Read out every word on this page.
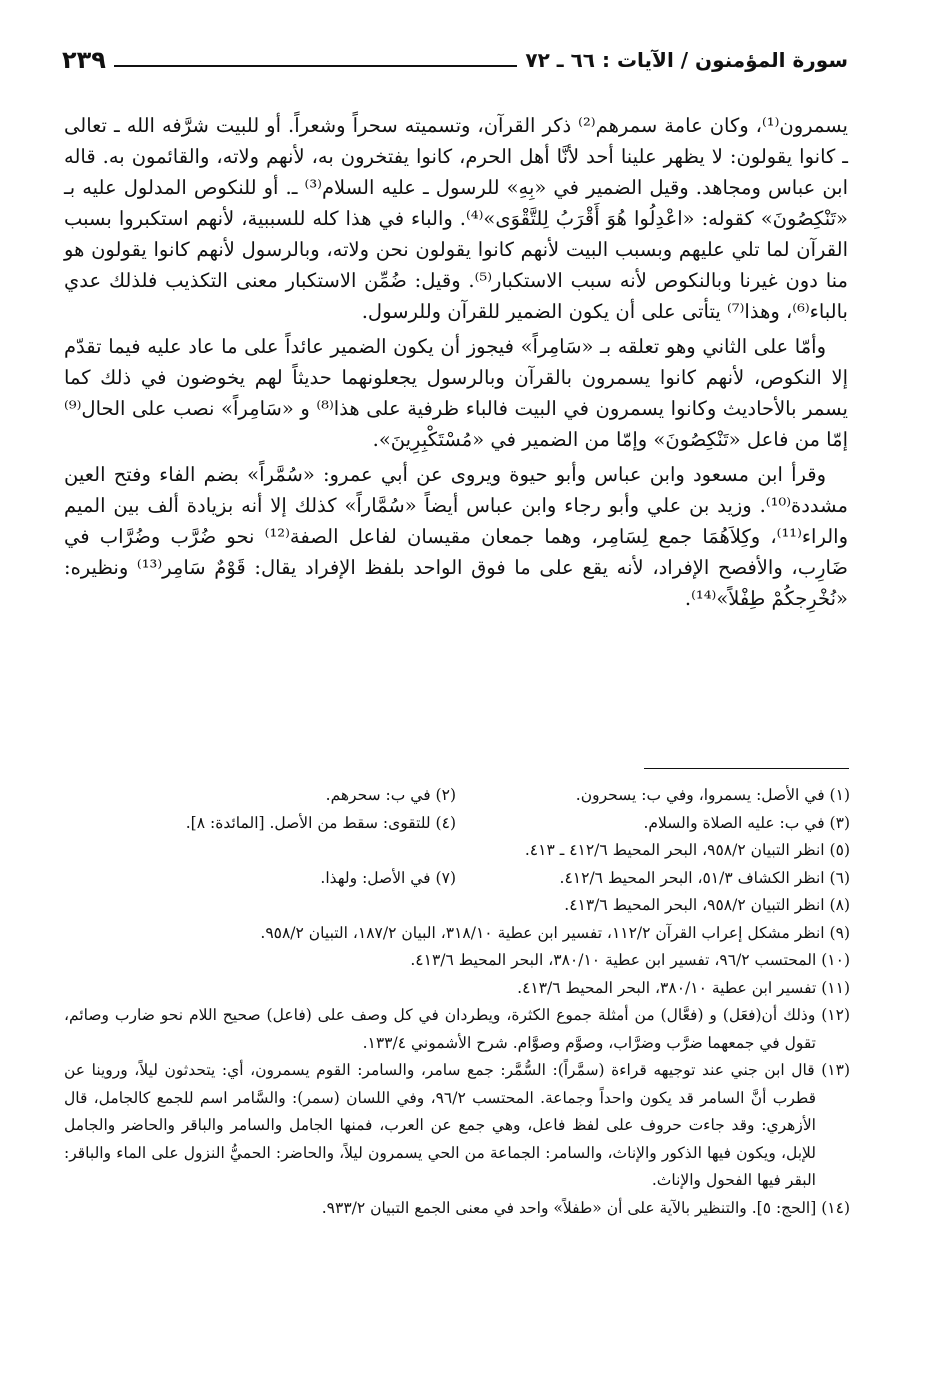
سورة المؤمنون / الآيات : ٦٦ ـ ٧٢
٢٣٩

يسمرون⁽¹⁾، وكان عامة سمرهم⁽²⁾ ذكر القرآن، وتسميته سحراً وشعراً. أو للبيت شرَّفه الله ـ تعالى ـ كانوا يقولون: لا يظهر علينا أحد لأنَّا أهل الحرم، كانوا يفتخرون به، لأنهم ولاته، والقائمون به. قاله ابن عباس ومجاهد. وقيل الضمير في «بِهِ» للرسول ـ عليه السلام⁽³⁾ ـ. أو للنكوص المدلول عليه بـ «تَنْكِصُونَ» كقوله: «اعْدِلُوا هُوَ أَقْرَبُ لِلتَّقْوَى»⁽⁴⁾. والباء في هذا كله للسببية، لأنهم استكبروا بسبب القرآن لما تلي عليهم وبسبب البيت لأنهم كانوا يقولون نحن ولاته، وبالرسول لأنهم كانوا يقولون هو منا دون غيرنا وبالنكوص لأنه سبب الاستكبار⁽⁵⁾. وقيل: ضُمِّن الاستكبار معنى التكذيب فلذلك عدي بالباء⁽⁶⁾، وهذا⁽⁷⁾ يتأتى على أن يكون الضمير للقرآن وللرسول.

وأمّا على الثاني وهو تعلقه بـ «سَامِراً» فيجوز أن يكون الضمير عائداً على ما عاد عليه فيما تقدّم إلا النكوص، لأنهم كانوا يسمرون بالقرآن وبالرسول يجعلونهما حديثاً لهم يخوضون في ذلك كما يسمر بالأحاديث وكانوا يسمرون في البيت فالباء ظرفية على هذا⁽⁸⁾ و «سَامِراً» نصب على الحال⁽⁹⁾ إمّا من فاعل «تَنْكِصُونَ» وإمّا من الضمير في «مُسْتَكْبِرِينَ».

وقرأ ابن مسعود وابن عباس وأبو حيوة ويروى عن أبي عمرو: «سُمَّراً» بضم الفاء وفتح العين مشددة⁽¹⁰⁾. وزيد بن علي وأبو رجاء وابن عباس أيضاً «سُمَّاراً» كذلك إلا أنه بزيادة ألف بين الميم والراء⁽¹¹⁾، وكِلاَهُمَا جمع لِسَامِر، وهما جمعان مقيسان لفاعل الصفة⁽¹²⁾ نحو ضُرَّب وضُرَّاب في ضَارِب، والأفصح الإفراد، لأنه يقع على ما فوق الواحد بلفظ الإفراد يقال: قَوْمٌ سَامِر⁽¹³⁾ ونظيره: «نُخْرِجكُمْ طِفْلاً»⁽¹⁴⁾.

(١) في الأصل: يسمروا، وفي ب: يسحرون.

(٢) في ب: سحرهم.

(٣) في ب: عليه الصلاة والسلام.

(٤) للتقوى: سقط من الأصل. [المائدة: ٨].

(٥) انظر التبيان ٩٥٨/٢، البحر المحيط ٤١٢/٦ ـ ٤١٣.

(٦) انظر الكشاف ٥١/٣، البحر المحيط ٤١٢/٦.

(٧) في الأصل: ولهذا.

(٨) انظر التبيان ٩٥٨/٢، البحر المحيط ٤١٣/٦.

(٩) انظر مشكل إعراب القرآن ١١٢/٢، تفسير ابن عطية ٣١٨/١٠، البيان ١٨٧/٢، التبيان ٩٥٨/٢.

(١٠) المحتسب ٩٦/٢، تفسير ابن عطية ٣٨٠/١٠، البحر المحيط ٤١٣/٦.

(١١) تفسير ابن عطية ٣٨٠/١٠، البحر المحيط ٤١٣/٦.

(١٢) وذلك أن(فعَل) و (فعَّال) من أمثلة جموع الكثرة، ويطردان في كل وصف على (فاعل) صحيح اللام نحو ضارب وصائم، تقول في جمعهما ضرَّب وضرَّاب، وصوَّم وصوَّام. شرح الأشموني ١٣٣/٤.

(١٣) قال ابن جني عند توجيهه قراءة (سمَّراً): السُّمَّر: جمع سامر، والسامر: القوم يسمرون، أي: يتحدثون ليلاً، وروينا عن قطرب أنَّ السامر قد يكون واحداً وجماعة. المحتسب ٩٦/٢، وفي اللسان (سمر): والسَّامر اسم للجمع كالجامل، قال الأزهري: وقد جاءت حروف على لفظ فاعل، وهي جمع عن العرب، فمنها الجامل والسامر والباقر والحاضر والجامل للإبل، ويكون فيها الذكور والإناث، والسامر: الجماعة من الحي يسمرون ليلاً، والحاضر: الحميُّ النزول على الماء والباقر: البقر فيها الفحول والإناث.

(١٤) [الحج: ٥]. والتنظير بالآية على أن «طفلاً» واحد في معنى الجمع التبيان ٩٣٣/٢.
